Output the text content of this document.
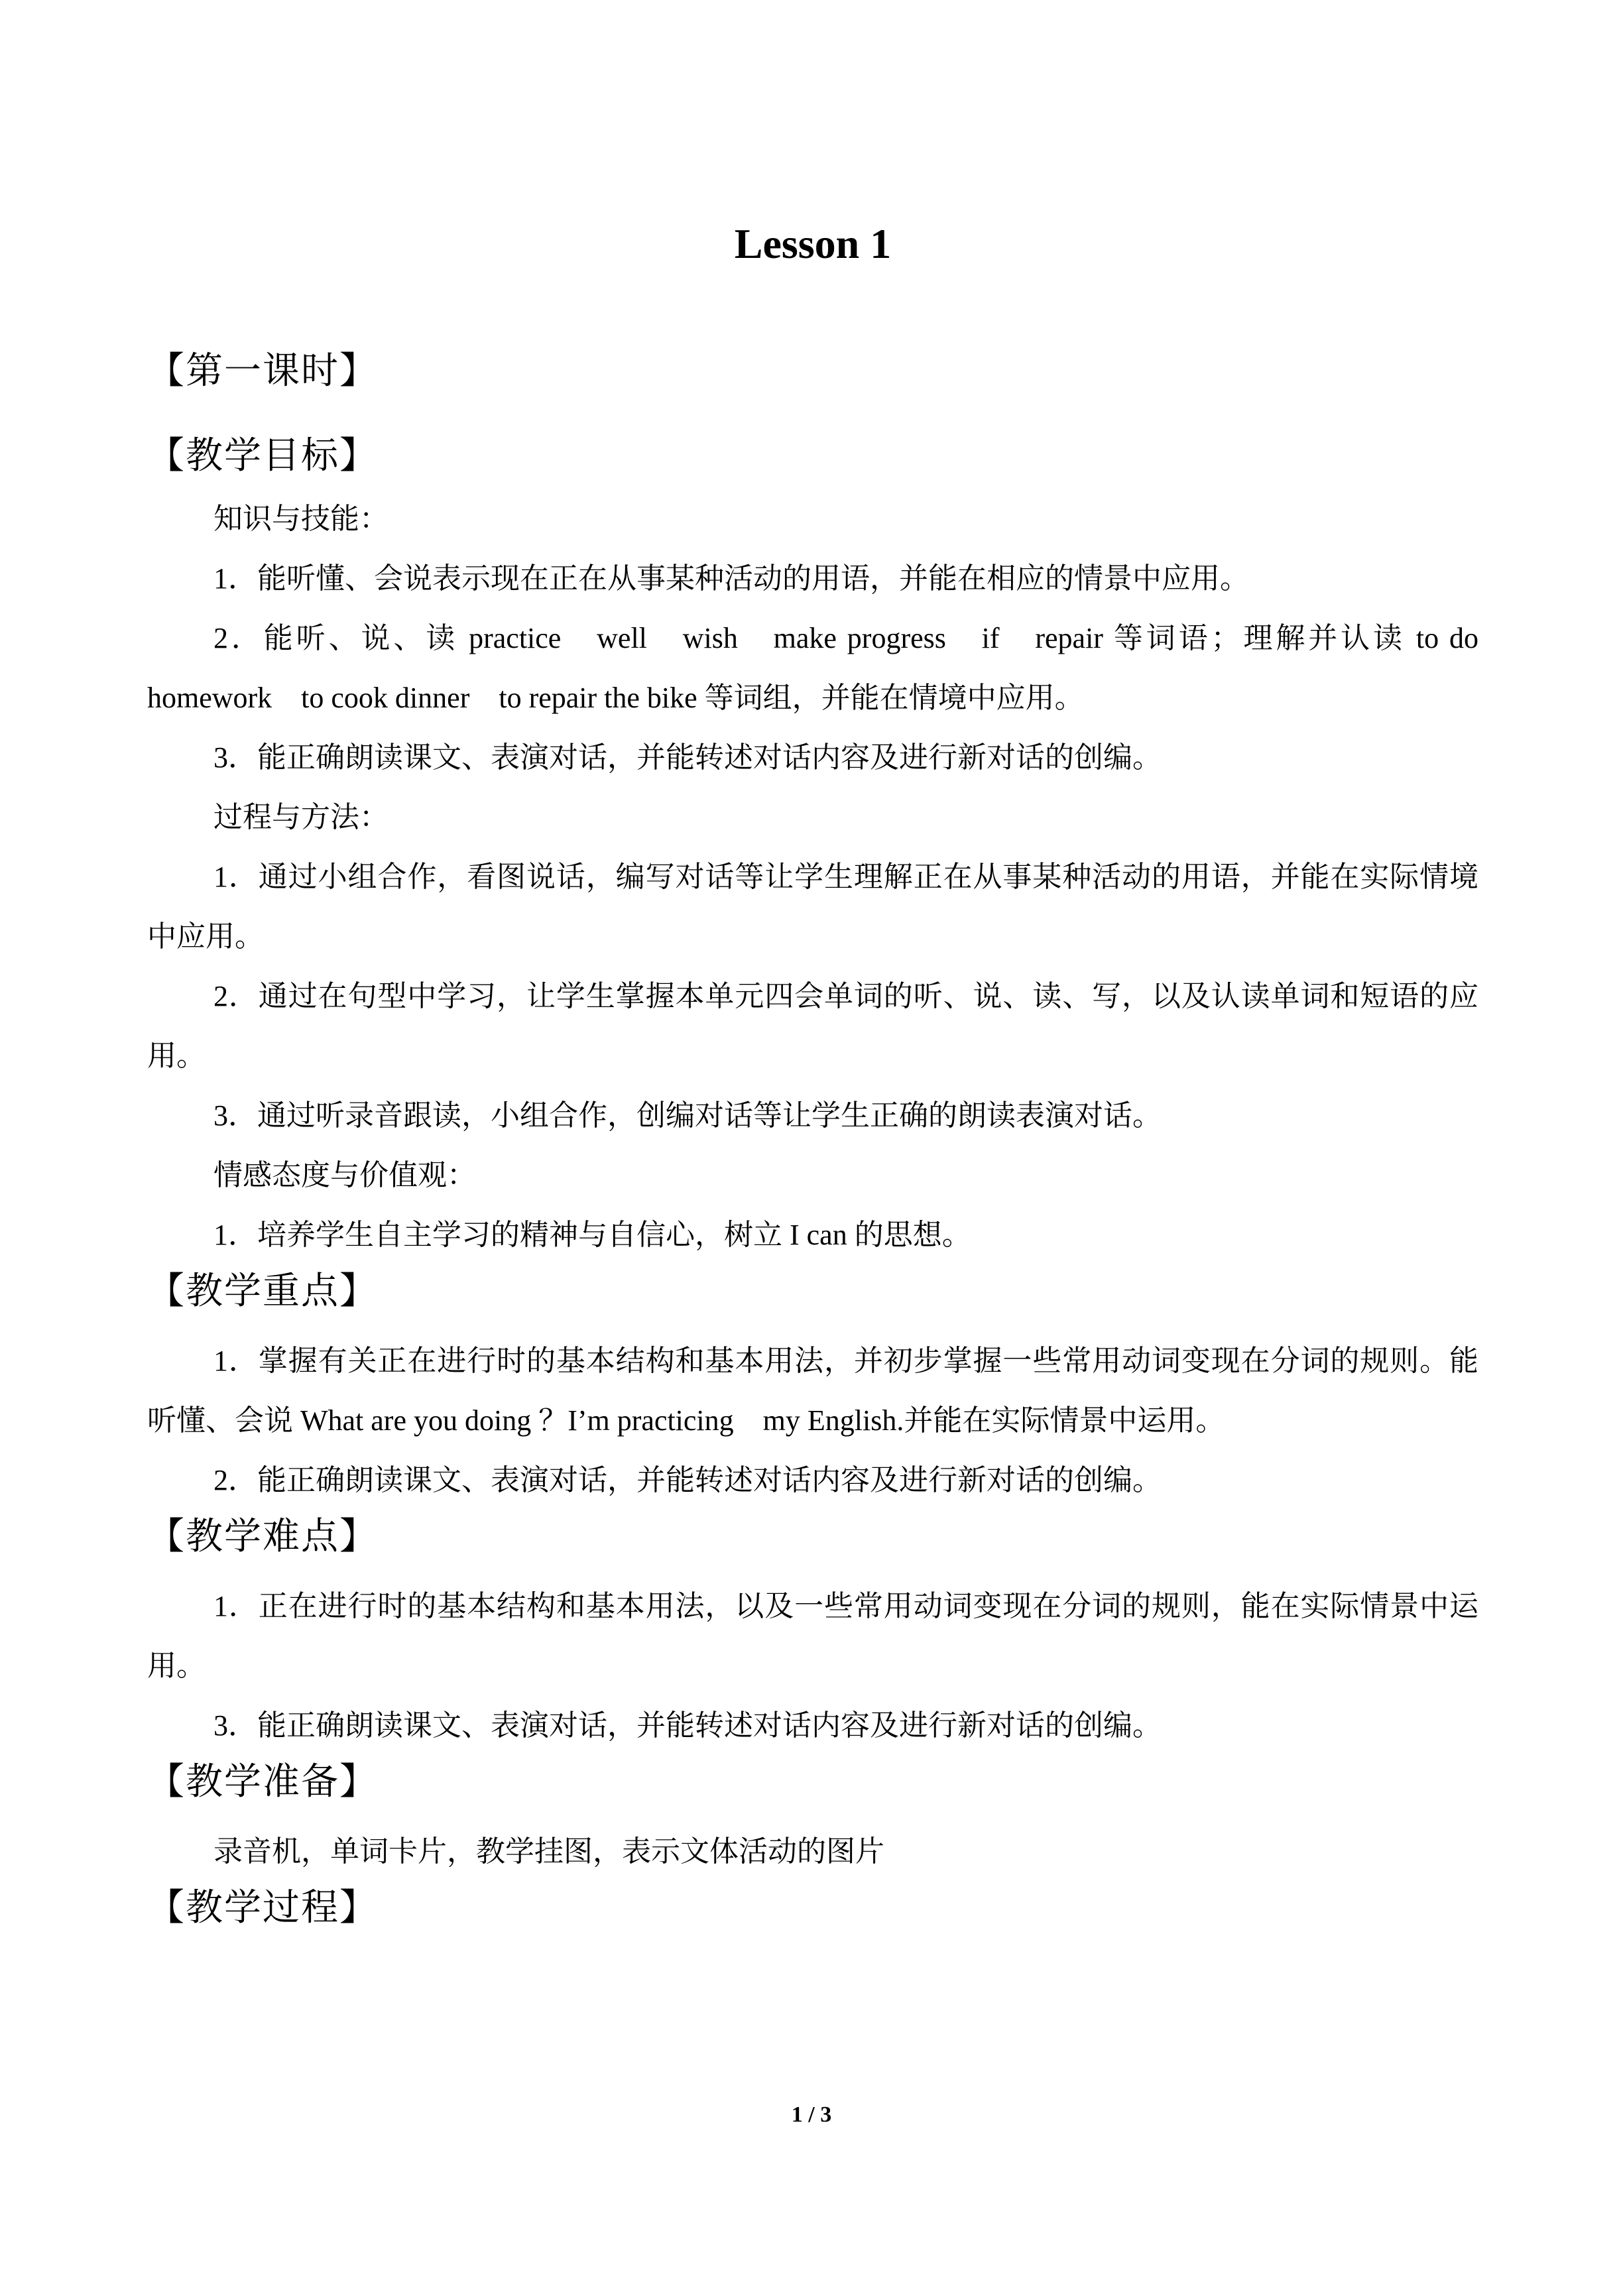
Lesson 1
【第一课时】
【教学目标】

知识与技能：

1．能听懂、会说表示现在正在从事某种活动的用语，并能在相应的情景中应用。

2．能听、说、读 practice　well　wish　make progress　if　repair 等词语；理解并认读 to do homework　to cook dinner　to repair the bike 等词组，并能在情境中应用。

3．能正确朗读课文、表演对话，并能转述对话内容及进行新对话的创编。

过程与方法：

1．通过小组合作，看图说话，编写对话等让学生理解正在从事某种活动的用语，并能在实际情境中应用。

2．通过在句型中学习，让学生掌握本单元四会单词的听、说、读、写，以及认读单词和短语的应用。

3．通过听录音跟读，小组合作，创编对话等让学生正确的朗读表演对话。

情感态度与价值观：

1．培养学生自主学习的精神与自信心，树立 I can 的思想。

【教学重点】

1．掌握有关正在进行时的基本结构和基本用法，并初步掌握一些常用动词变现在分词的规则。能听懂、会说 What are you doing ？I’m practicing　my English.并能在实际情景中运用。

2．能正确朗读课文、表演对话，并能转述对话内容及进行新对话的创编。

【教学难点】

1．正在进行时的基本结构和基本用法，以及一些常用动词变现在分词的规则，能在实际情景中运用。

3．能正确朗读课文、表演对话，并能转述对话内容及进行新对话的创编。

【教学准备】

录音机，单词卡片，教学挂图，表示文体活动的图片

【教学过程】
1 / 3
